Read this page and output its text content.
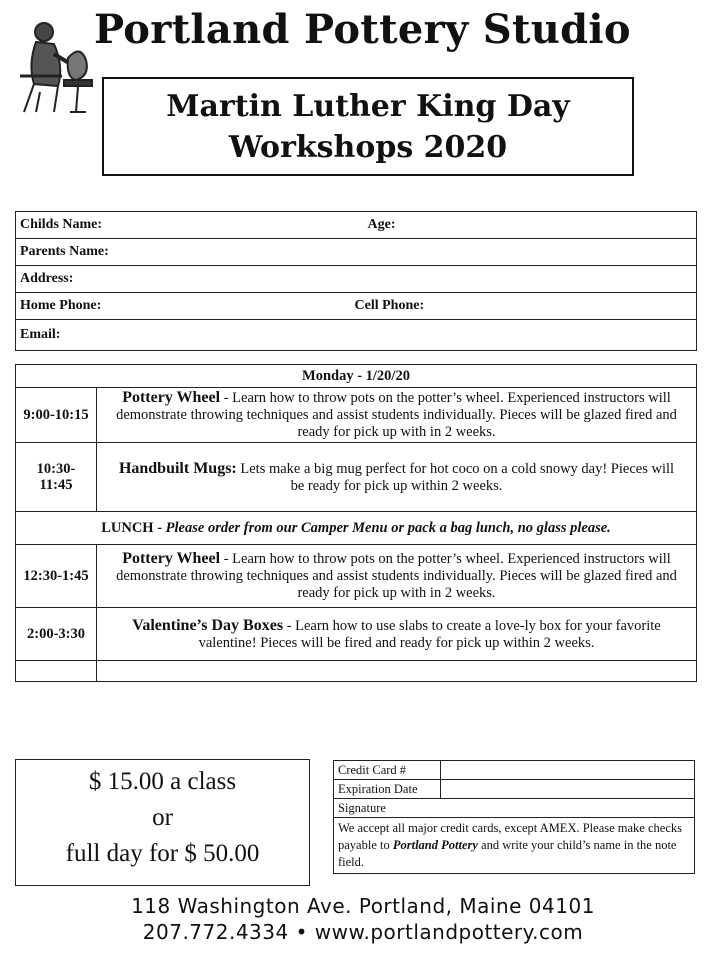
Portland Pottery Studio
Martin Luther King Day
Workshops 2020
Childs Name:	Age:

Parents Name:
Address:
Home Phone:	Cell Phone:

Email:
Monday - 1/20/20	
9:00-10:15	Pottery Wheel - Learn how to throw pots on the potter’s wheel. Experienced instructors will demonstrate throwing techniques and assist students individually. Pieces will be glazed fired and ready for pick up with in 2 weeks.

10:30-
11:45	Handbuilt Mugs: Lets make a big mug perfect for hot coco on a cold snowy day! Pieces will be ready for pick up within 2 weeks.
LUNCH - Please order from our Camper Menu or pack a bag lunch, no glass please.	
12:30-1:45	Pottery Wheel - Learn how to throw pots on the potter’s wheel. Experienced instructors will demonstrate throwing techniques and assist students individually. Pieces will be glazed fired and ready for pick up with in 2 weeks.
2:00-3:30	Valentine’s Day Boxes - Learn how to use slabs to create a love-ly box for your favorite valentine! Pieces will be fired and ready for pick up within 2 weeks.

$ 15.00 a class
or
full day for $ 50.00
Credit Card #	
Expiration Date	
Signature	
We accept all major credit cards, except AMEX. Please make checks payable to Portland Pottery and write your child’s name in the note field.	
118 Washington Ave. Portland, Maine 04101
207.772.4334 • www.portlandpottery.com
